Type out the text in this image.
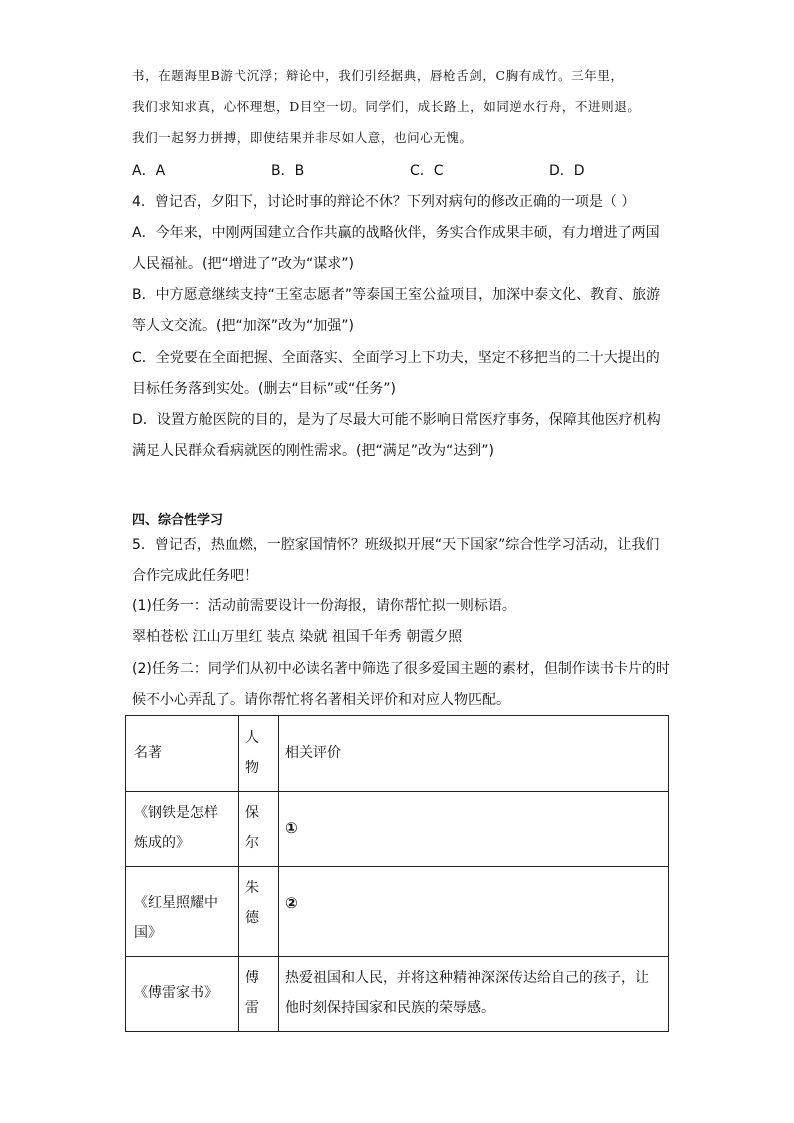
书，在题海里B游弋沉浮；辩论中，我们引经据典，唇枪舌剑，C胸有成竹。三年里，
我们求知求真，心怀理想，D目空一切。同学们，成长路上，如同逆水行舟，不进则退。
我们一起努力拼搏，即使结果并非尽如人意，也问心无愧。
A．A	B．B	C．C	D．D
4．曾记否，夕阳下，讨论时事的辩论不休？下列对病句的修改正确的一项是（ ）
A．今年来，中刚两国建立合作共赢的战略伙伴，务实合作成果丰硕，有力增进了两国
人民福祉。(把“增进了”改为“谋求”)
B．中方愿意继续支持“王室志愿者”等泰国王室公益项目，加深中泰文化、教育、旅游
等人文交流。(把“加深”改为“加强”)
C．全党要在全面把握、全面落实、全面学习上下功夫，坚定不移把当的二十大提出的
目标任务落到实处。(删去“目标”或“任务”)
D．设置方舱医院的目的，是为了尽最大可能不影响日常医疗事务，保障其他医疗机构
满足人民群众看病就医的刚性需求。(把“满足”改为“达到”)
四、综合性学习
5．曾记否，热血燃，一腔家国情怀？班级拟开展“天下国家”综合性学习活动，让我们
合作完成此任务吧！
(1)任务一：活动前需要设计一份海报，请你帮忙拟一则标语。
翠柏苍松 江山万里红 装点 染就 祖国千年秀 朝霞夕照
(2)任务二：同学们从初中必读名著中筛选了很多爱国主题的素材，但制作读书卡片的时
候不小心弄乱了。请你帮忙将名著相关评价和对应人物匹配。
名著	人物	相关评价

《钢铁是怎样炼成的》	保尔	①

《红星照耀中国》	朱德	②

《傅雷家书》	傅雷	热爱祖国和人民，并将这种精神深深传达给自己的孩子，让他时刻保持国家和民族的荣辱感。
